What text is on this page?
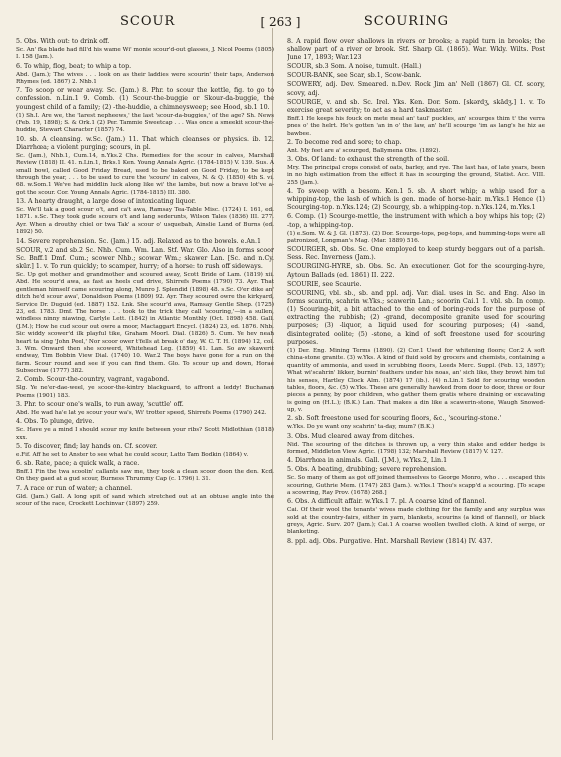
SCOUR	[ 263 ]	SCOURING

5. Obs. With out: to drink off.

Sc. An' fka blade had fill'd his wame Wi' monie scour'd-out glasses, J. Nicol Poems (1805) I. 158 (Jam.).

6. To whip, flog, beat; to whip a top.

Abd. (Jam.); The wives . . . look on as their laddies were scourin' their taps, Anderson Rhymes (ed. 1867) 2. Nhb.1

7. To scoop or wear away. Sc. (Jam.) 8. Phr. to scour the kettle, fig. to go to confession. n.Lin.1 9. Comb. (1) Scour-the-buggie or Skour-da-buggie, the youngest child of a family; (2) -the-huddie, a chimneysweep; see Hood, sb.1 10.

(1) Sh.I. Are we, the 'larest nepheews,' the last 'scour-da-buggies,' of the age? Sh. News (Feb. 19, 1898); S. & Ork.1 (2) Per. Tammie Sweetcap . . . Was once a smeekit scour-the-huddie, Stewart Character (1857) 74.

10. sb. A cleansing. w.Sc. (Jam.) 11. That which cleanses or physics. ib. 12. Diarrhœa; a violent purging; scours, in pl.

Sc. (Jam.), Nhb.1, Cum.14, n.Yks.2 Chs. Remedies for the scour in calves, Marshall Review (1818) II. 41. n.Lin.1, Brks.1 Ken. Young Annals Agric. (1784-1815) V. 139. Sus. A small bowl, called Good Friday Bread, used to be baked on Good Friday, to be kept through the year, . . . to be used to cure the 'scours' in calves, N. & Q. (1850) 4th S. vi. 68. w.Som.1 We've had middlin luck along like wi' the lambs, but now a brave lot've a-got the scour. Cor. Young Annals Agric. (1784-1815) III. 380.

13. A hearty draught, a large dose of intoxicating liquor.

Sc. We'll tak a good scour o't, and ca't awa, Ramsay Tea-Table Misc. (1724) I. 161, ed. 1871. s.Sc. They took gude scours o't and lang sederunts, Wilson Tales (1836) III. 277. Ayr. When a drouthy chiel or twa Tak' a scour o' usquebah, Ainslie Land of Burns (ed. 1892) 50.

14. Severe reprehension. Sc. (Jam.) 15. adj. Relaxed as to the bowels. e.An.1

SCOUR, v.2 and sb.2 Sc. Nhb. Cum. Wm. Lan. Stf. War. Glo. Also in forms scoor Sc. Bnff.1 Dmf. Cum.; scower Nhb.; scowar Wm.; skawer Lan. [Sc. and n.Cy. skūr.] 1. v. To run quickly; to scamper, hurry; of a horse: to rush off sideways.

Sc. Up got mother and grandmother and scoured away, Scott Bride of Lam. (1819) xii. Abd. He scour'd awa, as fast as heels cud drive, Shirrefs Poems (1790) 73. Ayr. That gentleman himself came scouring along, Munro J. Splendid (1898) 48. s.Sc. O'er dike an' ditch he'd scour awa', Donaldson Poems (1809) 92. Ayr. They scoured owre the kirkyard, Service Dr. Duguid (ed. 1887) 152. Lnk. She scour'd awa, Ramsay Gentle Shep. (1725) 23, ed. 1783. Dmf. The horse . . . took to the trick they call 'scouring,'—in a sullen, windless ninny niawing, Carlyle Lett. (1842) in Atlantic Monthly (Oct. 1898) 458. Gall. (J.M.); How he cud scour out owre a moor, Mactaggart Encycl. (1824) 23, ed. 1876. Nhb. Sic widdy scower'd ilk playful tike, Graham Moorl. Dial. (1826) 5. Cum. Ye hev neah heart ta sing 'John Peel,' Nor scoor ower t'fells at break o' day, W. C. T. H. (1894) 12, col. 3. Wm. Onward then she scowerd, Whitehead Leg. (1859) 41. Lan. So aw skawerit endway, Tim Bobbin View Dial. (1740) 10. War.2 The boys have gone for a run on the farm. Scour round and see if you can find them. Glo. To scour up and down, Horae Subsecivae (1777) 382.

2. Comb. Scour-the-country, vagrant, vagabond.

Slg. Ye ne'er-dae-weel, ye scoor-the-kintry blackguard, to affront a leddy! Buchanan Poems (1901) 183.

3. Phr. to scour one's walls, to run away, 'scuttle' off.

Abd. He wad ha'e lat ye scour your wa's, Wi' trotter speed, Shirrefs Poems (1790) 242.

4. Obs. To plunge, drive.

Sc. Have ye a mind I should scour my knife between your ribs? Scott Midlothian (1818) xxx.

5. To discover, find; lay hands on. Cf. scover.

e.Fif. Aff he set to Anster to see what he could scour, Latto Tam Bodkin (1864) v.

6. sb. Rate, pace; a quick walk, a race.

Bnff.1 Fin the twa scoolin' callants saw me, they took a clean scoor doon the den. Kcd. On they gaed at a gud scour, Burness Thrummy Cap (c. 1796) l. 31.

7. A race or run of water; a channel.

Gld. (Jam.) Gall. A long spit of sand which stretched out at an obtuse angle into the scour of the race, Crockett Lochinvar (1897) 259.

8. A rapid flow over shallows in rivers or brooks; a rapid turn in brooks; the shallow part of a river or brook. Stf. Sharp Gl. (1865). War. Wkly. Wilts. Post June 17, 1893; War.123

SCOUR, sb.3 Som. A noise, tumult. (Hall.)

SCOUR-BANK, see Scar, sb.1, Scow-bank.

SCOWERY, adj. Dev. Smeared. n.Dev. Rock Jim an' Nell (1867) Gl. Cf. scory, scovy, adj.

SCOURGE, v. and sb. Sc. Irel. Yks. Ken. Dor. Som. [skərdʒ, skādʒ.] 1. v. To exercise great severity; to act as a hard taskmaster.

Bnff.1 He keeps his fouck on mete meal an' taul' puckles, an' scourges thim t' the verra pnes o' the helrt. He's gotten 'an in o' the law, an' he'll scourge 'im as lang's he hiz ae bawbee.

2. To become red and sore; to chap.

Ant. My feet are a' scourged, Ballymena Obs. (1892).

3. Obs. Of land: to exhaust the strength of the soil.

Mry. The principal crops consist of oats, barley, and rye. The last has, of late years, been in no high estimation from the effect it has in scourging the ground, Statist. Acc. VIII. 255 (Jam.).

4. To sweep with a besom. Ken.1 5. sb. A short whip; a whip used for a whipping-top, the lash of which is gen. made of horse-hair. m.Yks.1 Hence (1) Scourging-top. n.Yks.124; (2) Scourgy, sb. a whipping-top. n.Yks.124, m.Yks.1

6. Comp. (1) Scourge-mettle, the instrument with which a boy whips his top; (2) -top, a whipping-top.

(1) e.Som. W. & J. Gl. (1873). (2) Dor. Scourge-tops, peg-tops, and humming-tops were all patronized, Longman's Mag. (Mar. 1889) 516.

SCOURGER, sb. Obs. Sc. One employed to keep sturdy beggars out of a parish. Sess. Rec. Inverness (Jam.).

SCOURGING-HYRE, sb. Obs. Sc. An executioner. Got for the scourging-hyre, Aytoun Ballads (ed. 1861) II. 222.

SCOURIE, see Scaurie.

SCOURING, vbl. sb., sb. and ppl. adj. Var. dial. uses in Sc. and Eng. Also in forms scaurin, scahrin w.Yks.; scawerin Lan.; scoorin Cai.1 1. vbl. sb. In comp. (1) Scouring-bit, a bit attached to the end of boring-rods for the purpose of extracting the rubbish; (2) -grand, decomposite granite used for scouring purposes; (3) -liquor, a liquid used for scouring purposes; (4) -sand, disintegrated oolite; (5) -stone, a kind of soft freestone used for scouring purposes.

(1) Der. Eng. Mining Terms (1890). (2) Cor.1 Used for whitening floors; Cor.2 A soft china-stone granite. (3) w.Yks. A kind of fluid sold by grocers and chemists, containing a quantity of ammonia, and used in scrubbing floors, Leeds Merc. Suppl. (Feb. 13, 1897); What wi'scahrin' likker, burnin' feathers under his noas, an' sich like, they browt him tul his senses, Hartley Clock Alm. (1874) 17 (ib.). (4) n.Lin.1 Sold for scouring wooden tables, floors, &c. (5) w.Yks. These are generally hawked from door to door, three or four pieces a penny, by poor children, who gather them gratis where draining or excavating is going on (H.L.); (B.K.) Lan. That makes a din like a scawerin-stone, Waugh Snowed-up, v.

2. sb. Soft freestone used for scouring floors, &c., 'scouring-stone.'

w.Yks. Do ye want ony scahrin' ta-day, mum? (B.K.)

3. Obs. Mud cleared away from ditches.

Nid. The scouring of the ditches is thrown up, a very thin stake and edder hedge is formed, Middleton View Agric. (1798) 132; Marshall Review (1817) V. 127.

4. Diarrhœa in animals. Gall. (J.M.), w.Yks.2, Lin.1

5. Obs. A beating, drubbing; severe reprehension.

Sc. So many of them as got off joined themselves to George Monro, who . . . escaped this scouring, Guthrie Mem. (1747) 283 (Jam.). w.Yks.1 Thou's scapp'd a scouring. [To scape a scowring, Ray Prov. (1678) 268.]

6. Obs. A difficult affair. w.Yks.1 7. pl. A coarse kind of flannel.

Cai. Of their wool the tenants' wives made clothing for the family and any surplus was sold at the country-fairs, either in yarn, blankets, scourins (a kind of flannel), or black greys, Agric. Surv. 207 (Jam.); Cai.1 A coarse woollen twelled cloth. A kind of serge, or blanketing.

8. ppl. adj. Obs. Purgative. Hnt. Marshall Review (1814) IV. 437.
